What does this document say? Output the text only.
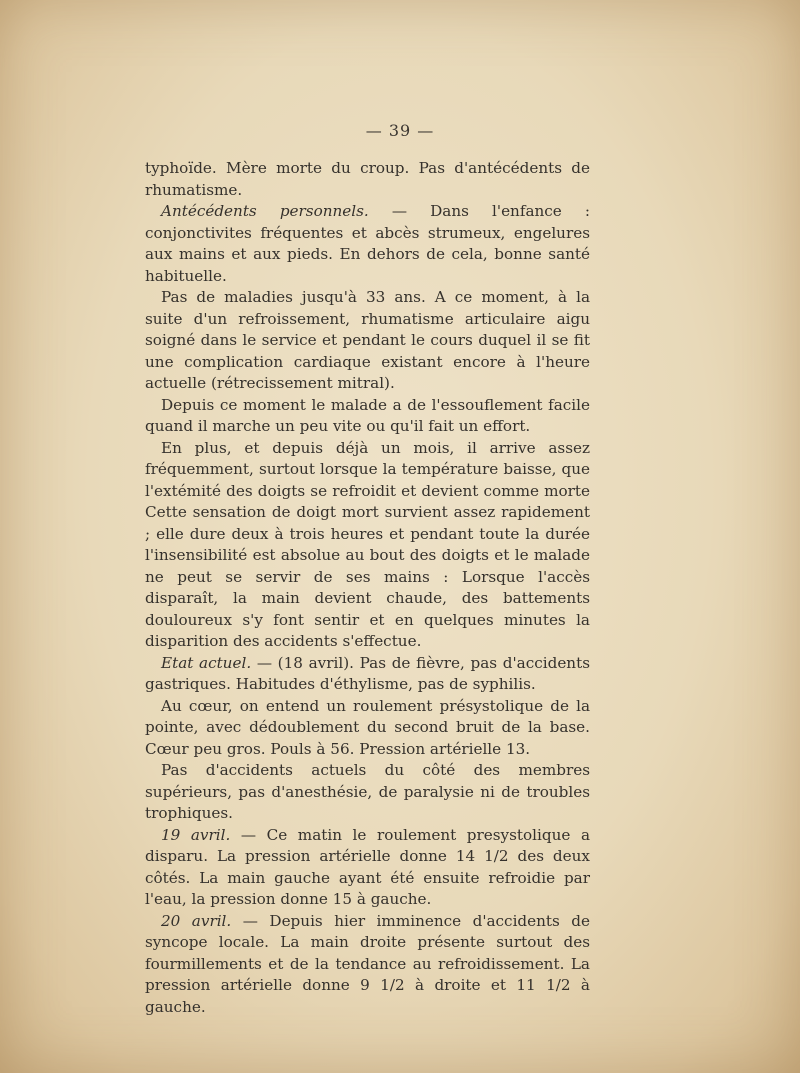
— 39 —

typhoïde. Mère morte du croup. Pas d'antécédents de rhumatisme.

Antécédents personnels. — Dans l'enfance : conjonctivites fréquentes et abcès strumeux, engelures aux mains et aux pieds. En dehors de cela, bonne santé habituelle.

Pas de maladies jusqu'à 33 ans. A ce moment, à la suite d'un refroissement, rhumatisme articulaire aigu soigné dans le service et pendant le cours duquel il se fit une complication cardiaque existant encore à l'heure actuelle (rétrecissement mitral).

Depuis ce moment le malade a de l'essouflement facile quand il marche un peu vite ou qu'il fait un effort.

En plus, et depuis déjà un mois, il arrive assez fréquemment, surtout lorsque la température baisse, que l'extémité des doigts se refroidit et devient comme morte Cette sensation de doigt mort survient assez rapidement ; elle dure deux à trois heures et pendant toute la durée l'insensibilité est absolue au bout des doigts et le malade ne peut se servir de ses mains : Lorsque l'accès disparaît, la main devient chaude, des battements douloureux s'y font sentir et en quelques minutes la disparition des accidents s'effectue.

Etat actuel. — (18 avril). Pas de fièvre, pas d'accidents gastriques. Habitudes d'éthylisme, pas de syphilis.

Au cœur, on entend un roulement présystolique de la pointe, avec dédoublement du second bruit de la base. Cœur peu gros. Pouls à 56. Pression artérielle 13.

Pas d'accidents actuels du côté des membres supérieurs, pas d'anesthésie, de paralysie ni de troubles trophiques.

19 avril. — Ce matin le roulement presystolique a disparu. La pression artérielle donne 14 1/2 des deux côtés. La main gauche ayant été ensuite refroidie par l'eau, la pression donne 15 à gauche.

20 avril. — Depuis hier imminence d'accidents de syncope locale. La main droite présente surtout des fourmillements et de la tendance au refroidissement. La pression artérielle donne 9 1/2 à droite et 11 1/2 à gauche.
